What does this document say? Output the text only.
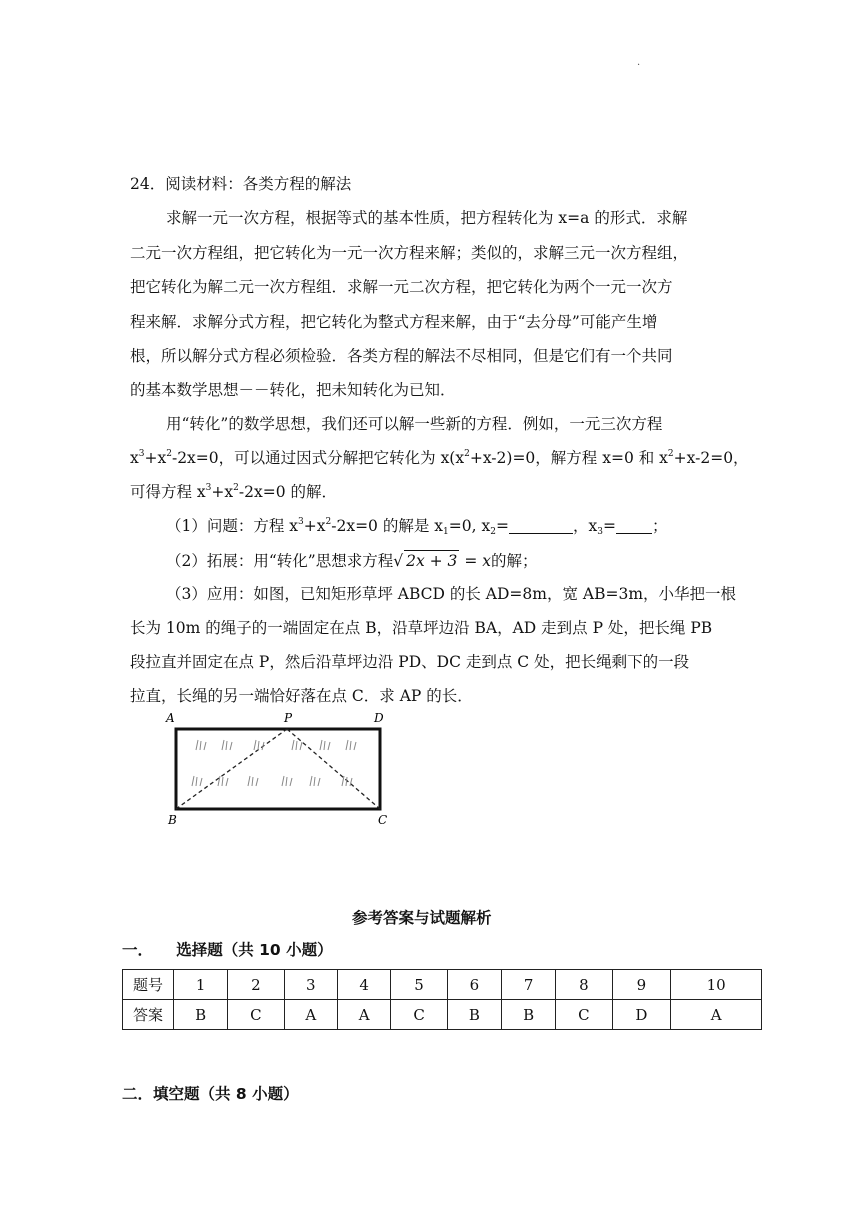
·
24．阅读材料：各类方程的解法
求解一元一次方程，根据等式的基本性质，把方程转化为 x=a 的形式．求解
二元一次方程组，把它转化为一元一次方程来解；类似的，求解三元一次方程组，
把它转化为解二元一次方程组．求解一元二次方程，把它转化为两个一元一次方
程来解．求解分式方程，把它转化为整式方程来解，由于“去分母”可能产生增
根，所以解分式方程必须检验．各类方程的解法不尽相同，但是它们有一个共同
的基本数学思想－－转化，把未知转化为已知．
用“转化”的数学思想，我们还可以解一些新的方程．例如，一元三次方程
$x^3+x^2-2x=0$，可以通过因式分解把它转化为 $x(x^2+x-2)=0$，解方程 x=0 和 $x^2+x-2=0$，
可得方程 $x^3+x^2-2x=0$ 的解．
（1）问题：方程 $x^3+x^2-2x=0$ 的解是 $x_1=0$, $x_2=$	，$x_3=$ ；
（2）拓展：用“转化”思想求方程√ 2x + 3 = x的解；
（3）应用：如图，已知矩形草坪 ABCD 的长 AD=8m，宽 AB=3m，小华把一根
长为 10m 的绳子的一端固定在点 B，沿草坪边沿 BA，AD 走到点 P 处，把长绳 PB
段拉直并固定在点 P，然后沿草坪边沿 PD、DC 走到点 C 处，把长绳剩下的一段
拉直，长绳的另一端恰好落在点 C．求 AP 的长．
A	P	D
B	C
参考答案与试题解析
一．　　选择题（共 10 小题）
题号	1	2	3	4	5	6	7	8	9	10
答案	B	C	A	A	C	B	B	C	D	A
二．填空题（共 8 小题）
